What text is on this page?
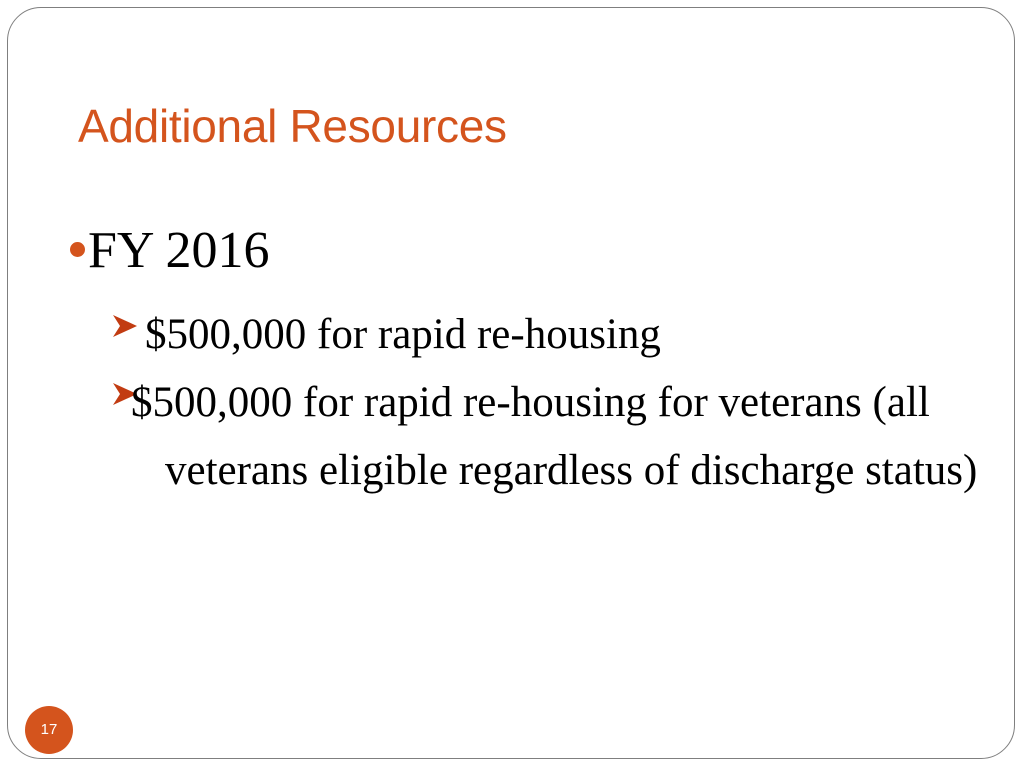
Additional Resources
FY 2016
$500,000 for rapid re-housing
$500,000 for rapid re-housing for veterans (all veterans eligible regardless of discharge status)
17
